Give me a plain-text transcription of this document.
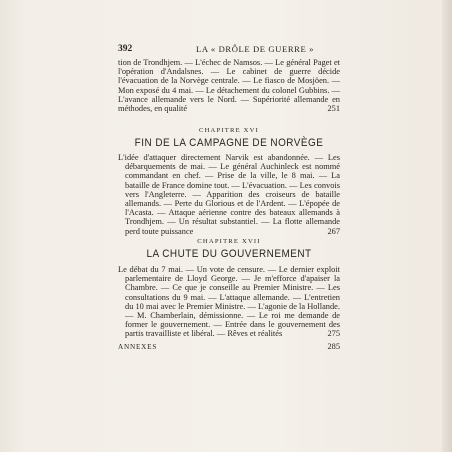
392	LA « DRÔLE DE GUERRE »

tion de Trondhjem. — L'échec de Namsos. — Le général Paget et l'opération d'Andalsnes. — Le cabinet de guerre décide l'évacuation de la Norvège centrale. — Le fiasco de Mosjöen. — Mon exposé du 4 mai. — Le détachement du colonel Gubbins. — L'avance allemande vers le Nord. — Supériorité allemande en méthodes, en qualité	251

CHAPITRE XVI
FIN DE LA CAMPAGNE DE NORVÈGE

L'idée d'attaquer directement Narvik est abandonnée. — Les débarquements de mai. — Le général Auchinleck est nommé commandant en chef. — Prise de la ville, le 8 mai. — La bataille de France domine tout. — L'évacuation. — Les convois vers l'Angleterre. — Apparition des croiseurs de bataille allemands. — Perte du Glorious et de l'Ardent. — L'épopée de l'Acasta. — Attaque aérienne contre des bateaux allemands à Trondhjem. — Un résultat substantiel. — La flotte allemande perd toute puissance	267

CHAPITRE XVII
LA CHUTE DU GOUVERNEMENT

Le débat du 7 mai. — Un vote de censure. — Le dernier exploit parlementaire de Lloyd George. — Je m'efforce d'apaiser la Chambre. — Ce que je conseille au Premier Ministre. — Les consultations du 9 mai. — L'attaque allemande. — L'entretien du 10 mai avec le Premier Ministre. — L'agonie de la Hollande. — M. Chamberlain, démissionne. — Le roi me demande de former le gouvernement. — Entrée dans le gouvernement des partis travailliste et libéral. — Rêves et réalités	275

ANNEXES	285
